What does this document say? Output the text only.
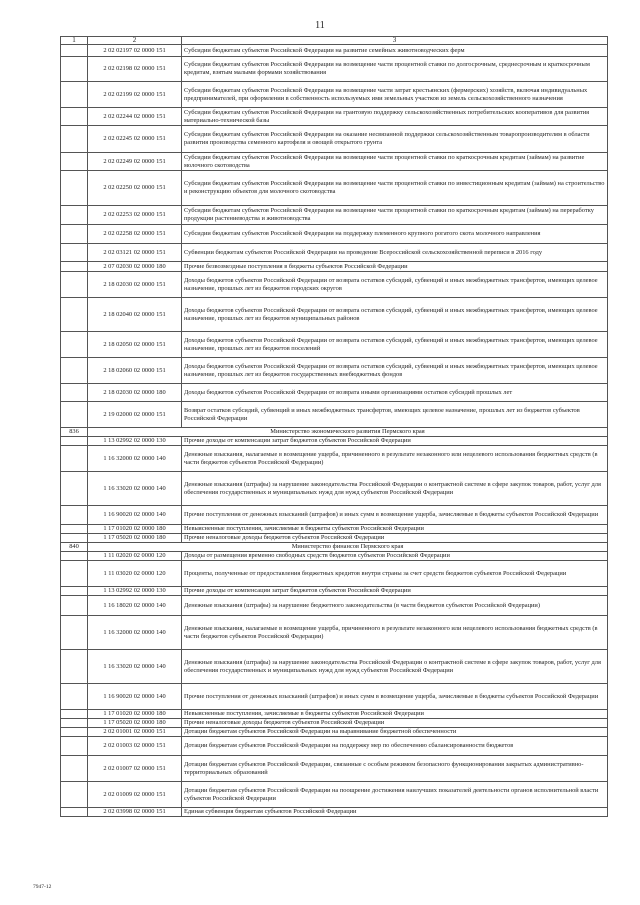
11
1	2	3
	2 02 02197 02 0000 151	Субсидии бюджетам субъектов Российской Федерации на развитие семейных животноводческих ферм
	2 02 02198 02 0000 151	Субсидии бюджетам субъектов Российской Федерации на возмещение части процентной ставки по долгосрочным, среднесрочным и краткосрочным кредитам, взятым малыми формами хозяйствования
	2 02 02199 02 0000 151	Субсидии бюджетам субъектов Российской Федерации на возмещение части затрат крестьянских (фермерских) хозяйств, включая индивидуальных предпринимателей, при оформлении в собственность используемых ими земельных участков из земель сельскохозяйственного назначения
	2 02 02244 02 0000 151	Субсидии бюджетам субъектов Российской Федерации на грантовую поддержку сельскохозяйственных потребительских кооперативов для развития материально-технической базы
	2 02 02245 02 0000 151	Субсидии бюджетам субъектов Российской Федерации на оказание несвязанной поддержки сельскохозяйственным товаропроизводителям в области развития производства семенного картофеля и овощей открытого грунта
	2 02 02249 02 0000 151	Субсидии бюджетам субъектов Российской Федерации на возмещение части процентной ставки по краткосрочным кредитам (займам) на развитие молочного скотоводства
	2 02 02250 02 0000 151	Субсидии бюджетам субъектов Российской Федерации на возмещение части процентной ставки по инвестиционным кредитам (займам) на строительство и реконструкцию объектов для молочного скотоводства
	2 02 02253 02 0000 151	Субсидии бюджетам субъектов Российской Федерации на возмещение части процентной ставки по краткосрочным кредитам (займам) на переработку продукции растениеводства и животноводства
	2 02 02258 02 0000 151	Субсидии бюджетам субъектов Российской Федерации на поддержку племенного крупного рогатого скота молочного направления
	2 02 03121 02 0000 151	Субвенции бюджетам субъектов Российской Федерации на проведение Всероссийской сельскохозяйственной переписи в 2016 году
	2 07 02030 02 0000 180	Прочие безвозмездные поступления в бюджеты субъектов Российской Федерации
	2 18 02030 02 0000 151	Доходы бюджетов субъектов Российской Федерации от возврата остатков субсидий, субвенций и иных межбюджетных трансфертов, имеющих целевое назначение, прошлых лет из бюджетов городских округов
	2 18 02040 02 0000 151	Доходы бюджетов субъектов Российской Федерации от возврата остатков субсидий, субвенций и иных межбюджетных трансфертов, имеющих целевое назначение, прошлых лет из бюджетов муниципальных районов
	2 18 02050 02 0000 151	Доходы бюджетов субъектов Российской Федерации от возврата остатков субсидий, субвенций и иных межбюджетных трансфертов, имеющих целевое назначение, прошлых лет из бюджетов поселений
	2 18 02060 02 0000 151	Доходы бюджетов субъектов Российской Федерации от возврата остатков субсидий, субвенций и иных межбюджетных трансфертов, имеющих целевое назначение, прошлых лет из бюджетов государственных внебюджетных фондов
	2 18 02030 02 0000 180	Доходы бюджетов субъектов Российской Федерации от возврата иными организациями остатков субсидий прошлых лет
	2 19 02000 02 0000 151	Возврат остатков субсидий, субвенций и иных межбюджетных трансфертов, имеющих целевое назначение, прошлых лет из бюджетов субъектов Российской Федерации
836	Министерство экономического развития Пермского края	
	1 13 02992 02 0000 130	Прочие доходы от компенсации затрат бюджетов субъектов Российской Федерации
	1 16 32000 02 0000 140	Денежные взыскания, налагаемые в возмещение ущерба, причиненного в результате незаконного или нецелевого использования бюджетных средств (в части бюджетов субъектов Российской Федерации)
	1 16 33020 02 0000 140	Денежные взыскания (штрафы) за нарушение законодательства Российской Федерации о контрактной системе в сфере закупок товаров, работ, услуг для обеспечения государственных и муниципальных нужд для нужд субъектов Российской Федерации
	1 16 90020 02 0000 140	Прочие поступления от денежных взысканий (штрафов) и иных сумм в возмещение ущерба, зачисляемые в бюджеты субъектов Российской Федерации
	1 17 01020 02 0000 180	Невыясненные поступления, зачисляемые в бюджеты субъектов Российской Федерации
	1 17 05020 02 0000 180	Прочие неналоговые доходы бюджетов субъектов Российской Федерации
840	Министерство финансов Пермского края	
	1 11 02020 02 0000 120	Доходы от размещения временно свободных средств бюджетов субъектов Российской Федерации
	1 11 03020 02 0000 120	Проценты, полученные от предоставления бюджетных кредитов внутри страны за счет средств бюджетов субъектов Российской Федерации
	1 13 02992 02 0000 130	Прочие доходы от компенсации затрат бюджетов субъектов Российской Федерации
	1 16 18020 02 0000 140	Денежные взыскания (штрафы) за нарушение бюджетного законодательства (в части бюджетов субъектов Российской Федерации)
	1 16 32000 02 0000 140	Денежные взыскания, налагаемые в возмещение ущерба, причиненного в результате незаконного или нецелевого использования бюджетных средств (в части бюджетов субъектов Российской Федерации)
	1 16 33020 02 0000 140	Денежные взыскания (штрафы) за нарушение законодательства Российской Федерации о контрактной системе в сфере закупок товаров, работ, услуг для обеспечения государственных и муниципальных нужд для нужд субъектов Российской Федерации
	1 16 90020 02 0000 140	Прочие поступления от денежных взысканий (штрафов) и иных сумм в возмещение ущерба, зачисляемые в бюджеты субъектов Российской Федерации
	1 17 01020 02 0000 180	Невыясненные поступления, зачисляемые в бюджеты субъектов Российской Федерации
	1 17 05020 02 0000 180	Прочие неналоговые доходы бюджетов субъектов Российской Федерации
	2 02 01001 02 0000 151	Дотации бюджетам субъектов Российской Федерации на выравнивание бюджетной обеспеченности
	2 02 01003 02 0000 151	Дотации бюджетам субъектов Российской Федерации на поддержку мер по обеспечению сбалансированности бюджетов
	2 02 01007 02 0000 151	Дотации бюджетам субъектов Российской Федерации, связанные с особым режимом безопасного функционирования закрытых административно-территориальных образований
	2 02 01009 02 0000 151	Дотации бюджетам субъектов Российской Федерации на поощрение достижения наилучших показателей деятельности органов исполнительной власти субъектов Российской Федерации
	2 02 03998 02 0000 151	Единая субвенция бюджетам субъектов Российской Федерации
7947-12
